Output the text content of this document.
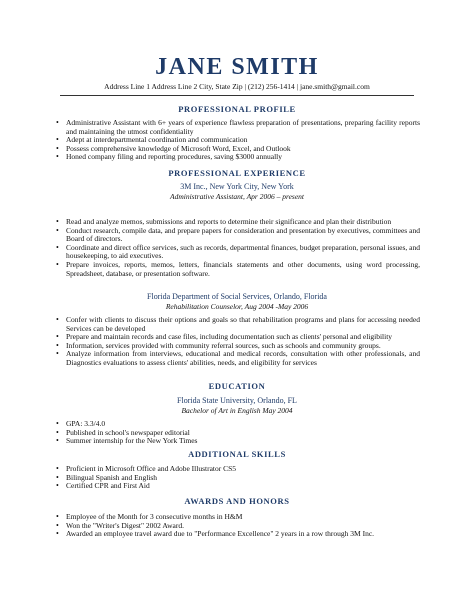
JANE SMITH
Address Line 1 Address Line 2 City, State Zip | (212) 256-1414 | jane.smith@gmail.com
PROFESSIONAL PROFILE
• Administrative Assistant with 6+ years of experience flawless preparation of presentations, preparing facility reports and maintaining the utmost confidentiality
• Adept at interdepartmental coordination and communication
• Possess comprehensive knowledge of Microsoft Word, Excel, and Outlook
• Honed company filing and reporting procedures, saving $3000 annually
PROFESSIONAL EXPERIENCE
3M Inc., New York City, New York
Administrative Assistant, Apr 2006 – present
• Read and analyze memos, submissions and reports to determine their significance and plan their distribution
• Conduct research, compile data, and prepare papers for consideration and presentation by executives, committees and Board of directors.
• Coordinate and direct office services, such as records, departmental finances, budget preparation, personal issues, and housekeeping, to aid executives.
• Prepare invoices, reports, memos, letters, financials statements and other documents, using word processing, Spreadsheet, database, or presentation software.
Florida Department of Social Services, Orlando, Florida
Rehabilitation Counselor, Aug 2004 -May 2006
• Confer with clients to discuss their options and goals so that rehabilitation programs and plans for accessing needed Services can be developed
• Prepare and maintain records and case files, including documentation such as clients' personal and eligibility
• Information, services provided with community referral sources, such as schools and community groups.
• Analyze information from interviews, educational and medical records, consultation with other professionals, and Diagnostics evaluations to assess clients' abilities, needs, and eligibility for services
EDUCATION
Florida State University, Orlando, FL
Bachelor of Art in English May 2004
• GPA: 3.3/4.0
• Published in school's newspaper editorial
• Summer internship for the New York Times
ADDITIONAL SKILLS
• Proficient in Microsoft Office and Adobe Illustrator CS5
• Bilingual Spanish and English
• Certified CPR and First Aid
AWARDS AND HONORS
• Employee of the Month for 3 consecutive months in H&M
• Won the "Writer's Digest" 2002 Award.
• Awarded an employee travel award due to "Performance Excellence" 2 years in a row through 3M Inc.
